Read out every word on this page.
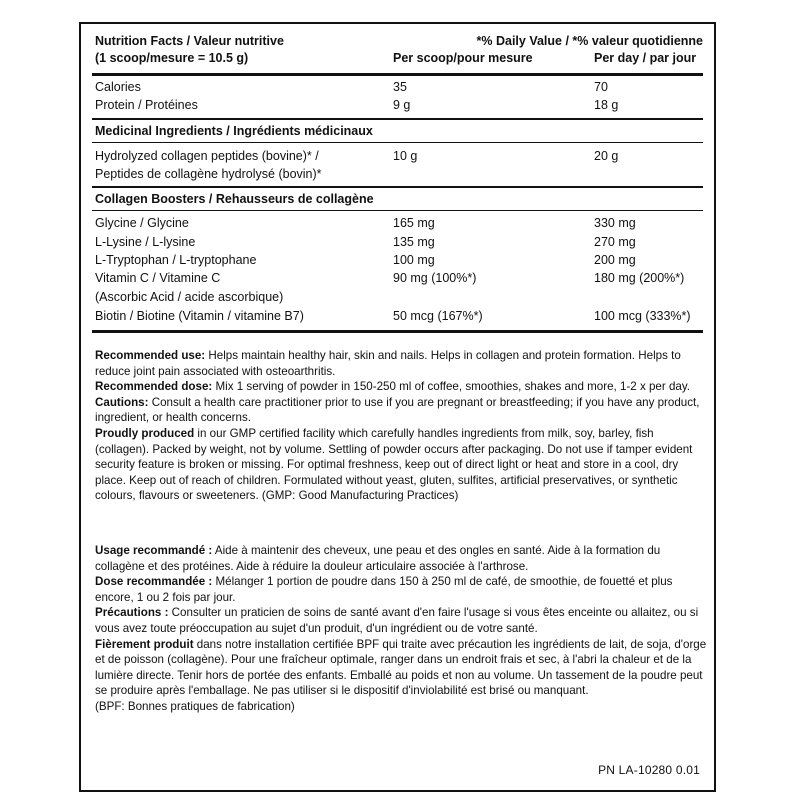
Nutrition Facts / Valeur nutritive
(1 scoop/mesure = 10.5 g)
*% Daily Value / *% valeur quotidienne
Per scoop/pour mesure	Per day / par jour
Calories	35	70
Protein / Protéines	9 g	18 g
Medicinal Ingredients / Ingrédients médicinaux
Hydrolyzed collagen peptides (bovine)* /	10 g	20 g
Peptides de collagène hydrolysé (bovin)*
Collagen Boosters / Rehausseurs de collagène
Glycine / Glycine	165 mg	330 mg
L-Lysine / L-lysine	135 mg	270 mg
L-Tryptophan / L-tryptophane	100 mg	200 mg
Vitamin C / Vitamine C	90 mg (100%*)	180 mg (200%*)
(Ascorbic Acid / acide ascorbique)
Biotin / Biotine (Vitamin / vitamine B7)	50 mcg (167%*)	100 mcg (333%*)

Recommended use: Helps maintain healthy hair, skin and nails. Helps in collagen and protein formation. Helps to reduce joint pain associated with osteoarthritis.

Recommended dose: Mix 1 serving of powder in 150-250 ml of coffee, smoothies, shakes and more, 1-2 x per day.

Cautions: Consult a health care practitioner prior to use if you are pregnant or breastfeeding; if you have any product, ingredient, or health concerns.

Proudly produced in our GMP certified facility which carefully handles ingredients from milk, soy, barley, fish (collagen). Packed by weight, not by volume. Settling of powder occurs after packaging. Do not use if tamper evident security feature is broken or missing. For optimal freshness, keep out of direct light or heat and store in a cool, dry place. Keep out of reach of children. Formulated without yeast, gluten, sulfites, artificial preservatives, or synthetic colours, flavours or sweeteners. (GMP: Good Manufacturing Practices)

Usage recommandé : Aide à maintenir des cheveux, une peau et des ongles en santé. Aide à la formation du collagène et des protéines. Aide à réduire la douleur articulaire associée à l'arthrose.

Dose recommandée : Mélanger 1 portion de poudre dans 150 à 250 ml de café, de smoothie, de fouetté et plus encore, 1 ou 2 fois par jour.

Précautions : Consulter un praticien de soins de santé avant d'en faire l'usage si vous êtes enceinte ou allaitez, ou si vous avez toute préoccupation au sujet d'un produit, d'un ingrédient ou de votre santé.

Fièrement produit dans notre installation certifiée BPF qui traite avec précaution les ingrédients de lait, de soja, d'orge et de poisson (collagène). Pour une fraîcheur optimale, ranger dans un endroit frais et sec, à l'abri la chaleur et de la lumière directe. Tenir hors de portée des enfants. Emballé au poids et non au volume. Un tassement de la poudre peut se produire après l'emballage. Ne pas utiliser si le dispositif d'inviolabilité est brisé ou manquant.

(BPF: Bonnes pratiques de fabrication)

PN LA-10280 0.01
